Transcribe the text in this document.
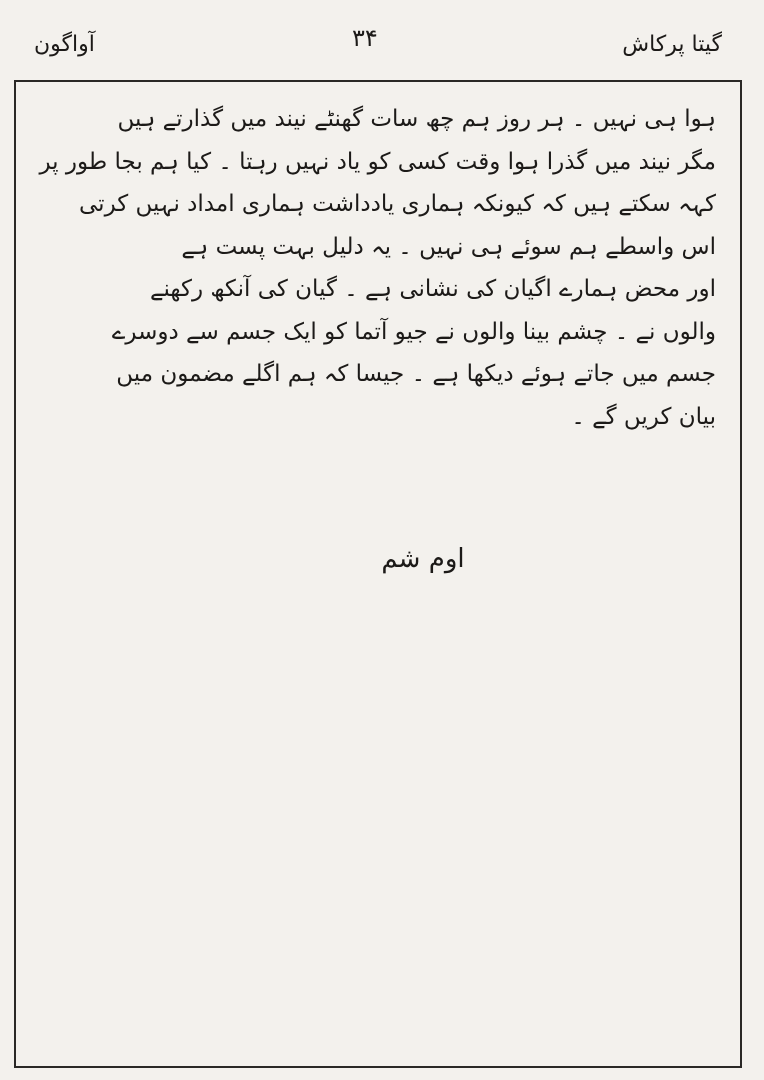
آواگون	۳۴	گیتا پرکاش
ہوا ہی نہیں ۔ ہر روز ہم چھ سات گھنٹے نیند میں گذارتے ہیں
مگر نیند میں گذرا ہوا وقت کسی کو یاد نہیں رہتا ۔ کیا ہم بجا طور پر
کہہ سکتے ہیں کہ کیونکہ ہماری یادداشت ہماری امداد نہیں کرتی
اس واسطے ہم سوئے ہی نہیں ۔ یہ دلیل بہت پست ہے
اور محض ہمارے اگیان کی نشانی ہے ۔ گیان کی آنکھ رکھنے
والوں نے ۔ چشم بینا والوں نے جیو آتما کو ایک جسم سے دوسرے
جسم میں جاتے ہوئے دیکھا ہے ۔ جیسا کہ ہم اگلے مضمون میں
بیان کریں گے ۔
اوم شم
